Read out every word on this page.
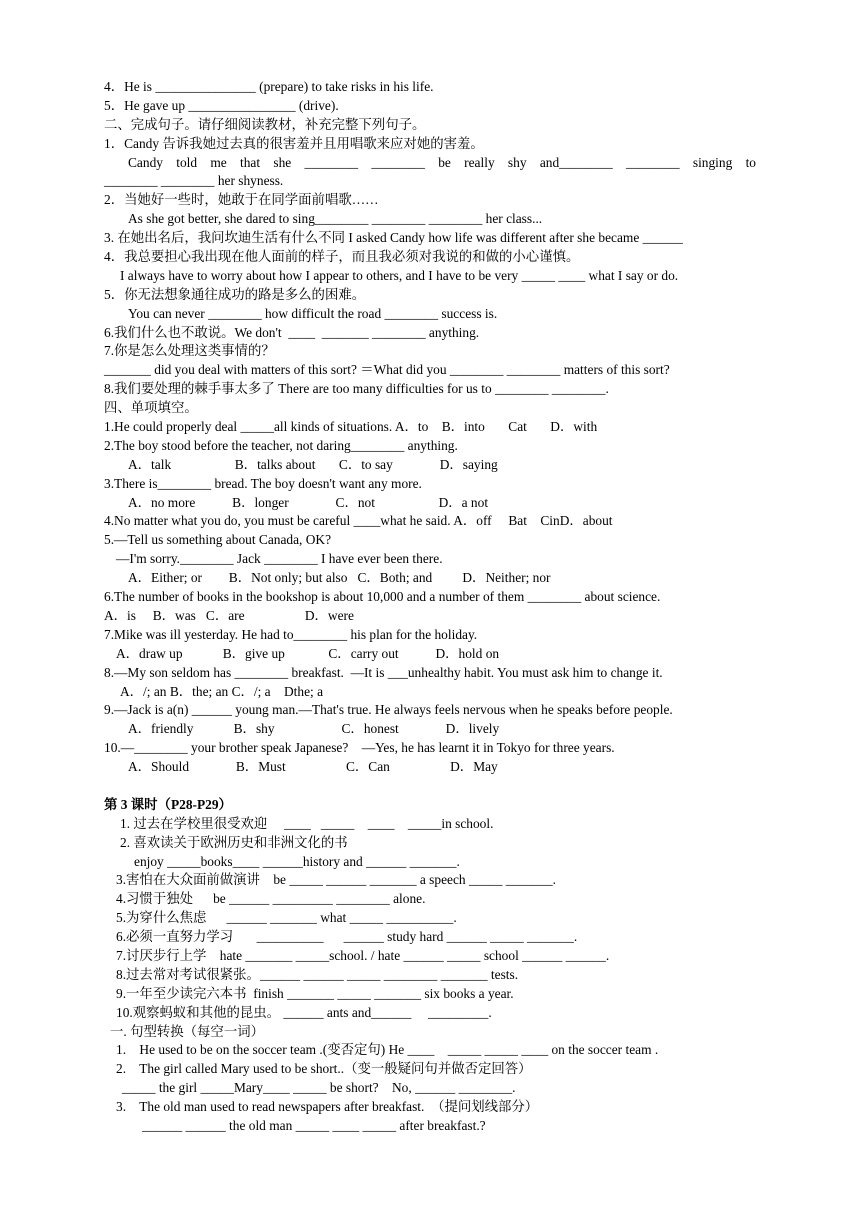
4．He is _______________ (prepare) to take risks in his life.
5．He gave up ________________ (drive).
二、完成句子。请仔细阅读教材，补充完整下列句子。
1．Candy 告诉我她过去真的很害羞并且用唱歌来应对她的害羞。
Candy told me that she ________ ________ be really shy and________ ________ singing to
________ ________ her shyness.
2．当她好一些时，她敢于在同学面前唱歌……
As she got better, she dared to sing________ ________ ________ her class...
3. 在她出名后，我问坎迪生活有什么不同 I asked Candy how life was different after she became ______
4．我总要担心我出现在他人面前的样子，而且我必须对我说的和做的小心谨慎。
I always have to worry about how I appear to others, and I have to be very _____ ____ what I say or do.
5．你无法想象通往成功的路是多么的困难。
You can never ________ how difficult the road ________ success is.
6.我们什么也不敢说。We don't  ____  _______ ________ anything.
7.你是怎么处理这类事情的？
_______ did you deal with matters of this sort? ＝What did you ________ ________ matters of this sort?
8.我们要处理的棘手事太多了 There are too many difficulties for us to ________ ________.
四、单项填空。
1.He could properly deal _____all kinds of situations. A．to    B．into       Cat       D．with
2.The boy stood before the teacher, not daring________ anything.
A．talk                   B．talks about       C．to say              D．saying
3.There is________ bread. The boy doesn't want any more.
A．no more           B．longer              C．not                   D．a not
4.No matter what you do, you must be careful ____what he said. A．off     Bat    CinD．about
5.—Tell us something about Canada, OK?
—I'm sorry.________ Jack ________ I have ever been there.
A．Either; or        B．Not only; but also   C．Both; and         D．Neither; nor
6.The number of books in the bookshop is about 10,000 and a number of them ________ about science.
A．is     B．was   C．are                  D．were
7.Mike was ill yesterday. He had to________ his plan for the holiday.
A．draw up            B．give up             C．carry out           D．hold on
8.—My son seldom has ________ breakfast.  —It is ___unhealthy habit. You must ask him to change it.
A．/; an B．the; an C．/; a    Dthe; a
9.—Jack is a(n) ______ young man.—That's true. He always feels nervous when he speaks before people.
A．friendly            B．shy                    C．honest              D．lively
10.—________ your brother speak Japanese?    —Yes, he has learnt it in Tokyo for three years.
A．Should              B．Must                  C．Can                  D．May
第 3 课时（P28-P29）
1. 过去在学校里很受欢迎     ____   _____    ____    _____in school.
2. 喜欢读关于欧洲历史和非洲文化的书
enjoy _____books____ ______history and ______ _______.
3.害怕在大众面前做演讲    be _____ ______ _______ a speech _____ _______.
4.习惯于独处      be ______ _________ ________ alone.
5.为穿什么焦虑      ______ _______ what _____ __________.
6.必须一直努力学习       __________      ______ study hard ______ _____ _______.
7.讨厌步行上学    hate _______ _____school. / hate ______ _____ school ______ ______.
8.过去常对考试很紧张。______ ______ _____ ________ _______ tests.
9.一年至少读完六本书  finish _______ _____ _______ six books a year.
10.观察蚂蚁和其他的昆虫。 ______ ants and______     _________.
一. 句型转换（每空一词）
1.    He used to be on the soccer team .(变否定句) He ____    _____ _____ ____ on the soccer team .
2.    The girl called Mary used to be short..（变一般疑问句并做否定回答）
_____ the girl _____Mary____ _____ be short?    No, ______ ________.
3.    The old man used to read newspapers after breakfast.  （提问划线部分）
______ ______ the old man _____ ____ _____ after breakfast.?
